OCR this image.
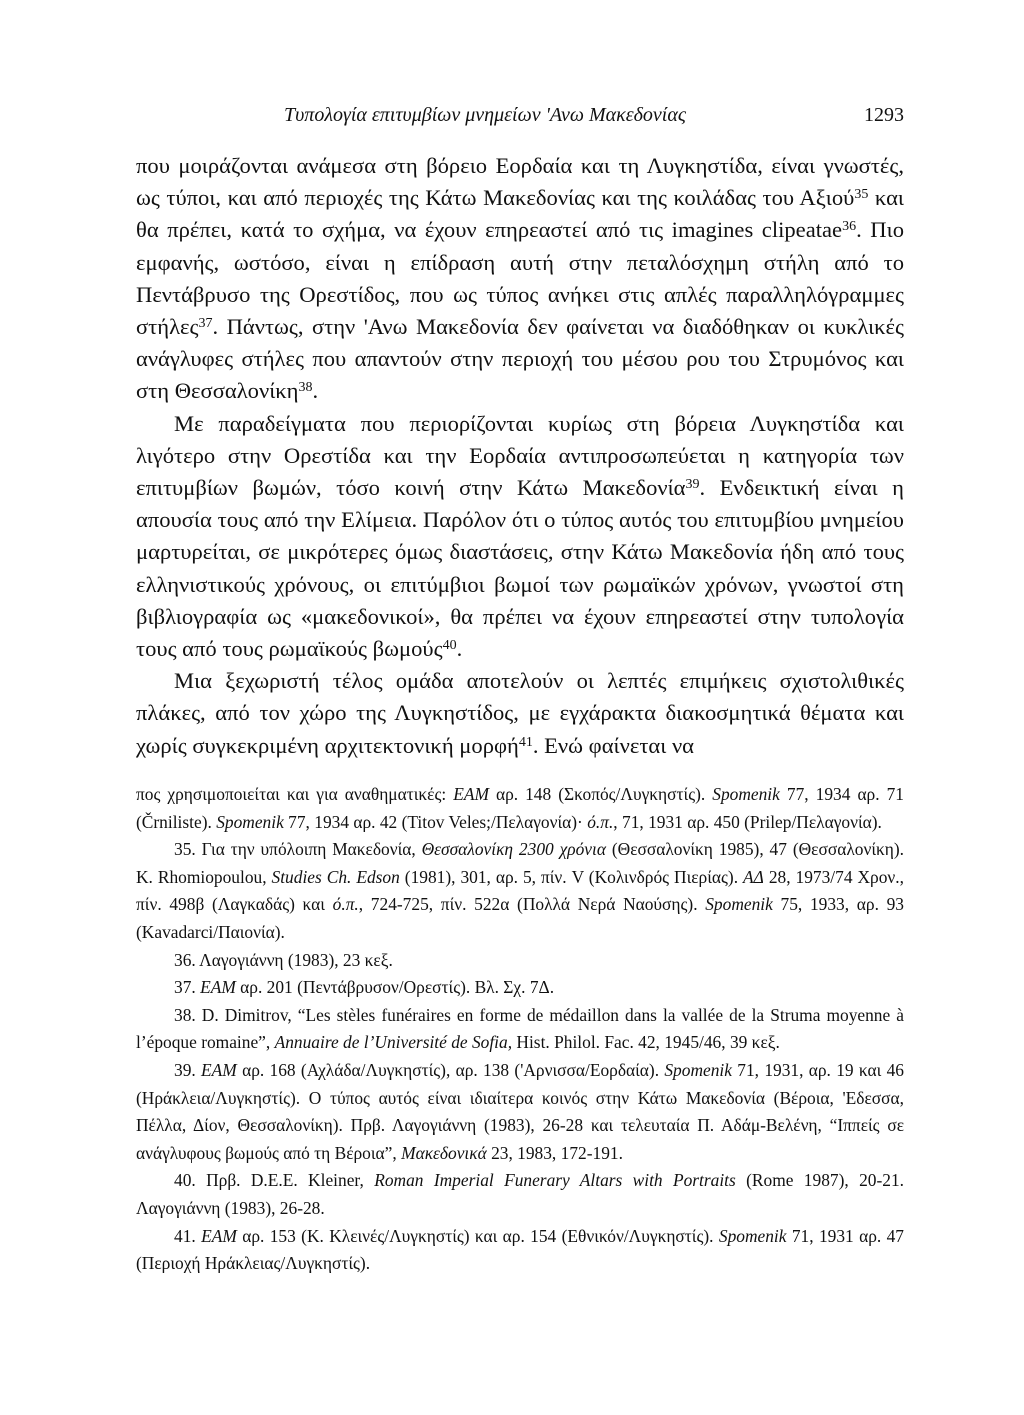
Τυπολογία επιτυμβίων μνημείων 'Ανω Μακεδονίας	1293

που μοιράζονται ανάμεσα στη βόρειο Εορδαία και τη Λυγκηστίδα, είναι γνωστές, ως τύποι, και από περιοχές της Κάτω Μακεδονίας και της κοιλάδας του Αξιού$^{35}$ και θα πρέπει, κατά το σχήμα, να έχουν επηρεαστεί από τις imagines clipeatae$^{36}$. Πιο εμφανής, ωστόσο, είναι η επίδραση αυτή στην πεταλόσχημη στήλη από το Πεντάβρυσο της Ορεστίδος, που ως τύπος ανήκει στις απλές παραλληλόγραμμες στήλες$^{37}$. Πάντως, στην 'Ανω Μακεδονία δεν φαίνεται να διαδόθηκαν οι κυκλικές ανάγλυφες στήλες που απαντούν στην περιοχή του μέσου ρου του Στρυμόνος και στη Θεσσαλονίκη$^{38}$.

Με παραδείγματα που περιορίζονται κυρίως στη βόρεια Λυγκηστίδα και λιγότερο στην Ορεστίδα και την Εορδαία αντιπροσωπεύεται η κατηγορία των επιτυμβίων βωμών, τόσο κοινή στην Κάτω Μακεδονία$^{39}$. Ενδεικτική είναι η απουσία τους από την Ελίμεια. Παρόλον ότι ο τύπος αυτός του επιτυμβίου μνημείου μαρτυρείται, σε μικρότερες όμως διαστάσεις, στην Κάτω Μακεδονία ήδη από τους ελληνιστικούς χρόνους, οι επιτύμβιοι βωμοί των ρωμαϊκών χρόνων, γνωστοί στη βιβλιογραφία ως «μακεδονικοί», θα πρέπει να έχουν επηρεαστεί στην τυπολογία τους από τους ρωμαϊκούς βωμούς$^{40}$.

Μια ξεχωριστή τέλος ομάδα αποτελούν οι λεπτές επιμήκεις σχιστολιθικές πλάκες, από τον χώρο της Λυγκηστίδος, με εγχάρακτα διακοσμητικά θέματα και χωρίς συγκεκριμένη αρχιτεκτονική μορφή$^{41}$. Ενώ φαίνεται να

πος χρησιμοποιείται και για αναθηματικές: ΕΑΜ αρ. 148 (Σκοπός/Λυγκηστίς). Spomenik 77, 1934 αρ. 71 (Črniliste). Spomenik 77, 1934 αρ. 42 (Titov Veles;/Πελαγονία)· ό.π., 71, 1931 αρ. 450 (Prilep/Πελαγονία).

35. Για την υπόλοιπη Μακεδονία, Θεσσαλονίκη 2300 χρόνια (Θεσσαλονίκη 1985), 47 (Θεσσαλονίκη). K. Rhomiopoulou, Studies Ch. Edson (1981), 301, αρ. 5, πίν. V (Κολινδρός Πιερίας). ΑΔ 28, 1973/74 Χρον., πίν. 498β (Λαγκαδάς) και ό.π., 724-725, πίν. 522α (Πολλά Νερά Ναούσης). Spomenik 75, 1933, αρ. 93 (Kavadarci/Παιονία).

36. Λαγογιάννη (1983), 23 κεξ.

37. ΕΑΜ αρ. 201 (Πεντάβρυσον/Ορεστίς). Βλ. Σχ. 7Δ.

38. D. Dimitrov, “Les stèles funéraires en forme de médaillon dans la vallée de la Struma moyenne à l’époque romaine”, Annuaire de l’Université de Sofia, Hist. Philol. Fac. 42, 1945/46, 39 κεξ.

39. ΕΑΜ αρ. 168 (Αχλάδα/Λυγκηστίς), αρ. 138 ('Αρνισσα/Εορδαία). Spomenik 71, 1931, αρ. 19 και 46 (Ηράκλεια/Λυγκηστίς). Ο τύπος αυτός είναι ιδιαίτερα κοινός στην Κάτω Μακεδονία (Βέροια, 'Εδεσσα, Πέλλα, Δίον, Θεσσαλονίκη). Πρβ. Λαγογιάννη (1983), 26-28 και τελευταία Π. Αδάμ-Βελένη, “Ιππείς σε ανάγλυφους βωμούς από τη Βέροια”, Μακεδονικά 23, 1983, 172-191.

40. Πρβ. D.E.E. Kleiner, Roman Imperial Funerary Altars with Portraits (Rome 1987), 20-21. Λαγογιάννη (1983), 26-28.

41. ΕΑΜ αρ. 153 (Κ. Κλεινές/Λυγκηστίς) και αρ. 154 (Εθνικόν/Λυγκηστίς). Spomenik 71, 1931 αρ. 47 (Περιοχή Ηράκλειας/Λυγκηστίς).
